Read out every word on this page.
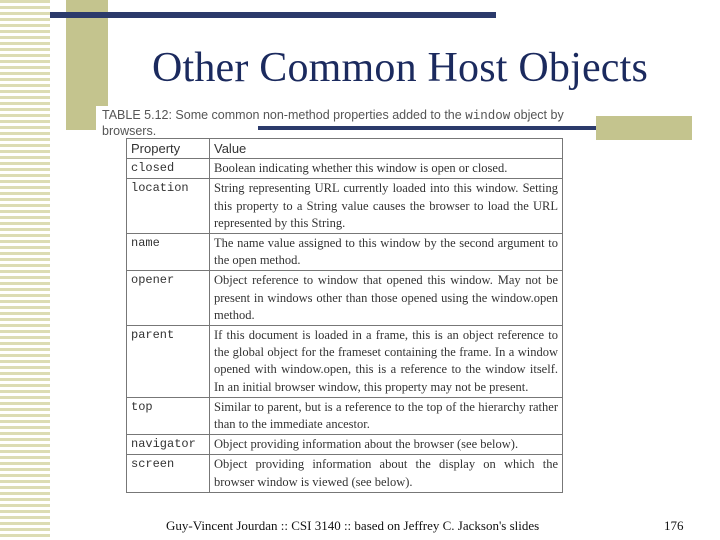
Other Common Host Objects
TABLE 5.12: Some common non-method properties added to the window object by browsers.
Property	Value
closed	Boolean indicating whether this window is open or closed.
location	String representing URL currently loaded into this window. Setting this property to a String value causes the browser to load the URL represented by this String.
name	The name value assigned to this window by the second argument to the open method.
opener	Object reference to window that opened this window. May not be present in windows other than those opened using the window.open method.
parent	If this document is loaded in a frame, this is an object reference to the global object for the frameset containing the frame. In a window opened with window.open, this is a reference to the window itself. In an initial browser window, this property may not be present.
top	Similar to parent, but is a reference to the top of the hierarchy rather than to the immediate ancestor.
navigator	Object providing information about the browser (see below).
screen	Object providing information about the display on which the browser window is viewed (see below).
Guy-Vincent Jourdan :: CSI 3140 :: based on Jeffrey C. Jackson's slides	176
